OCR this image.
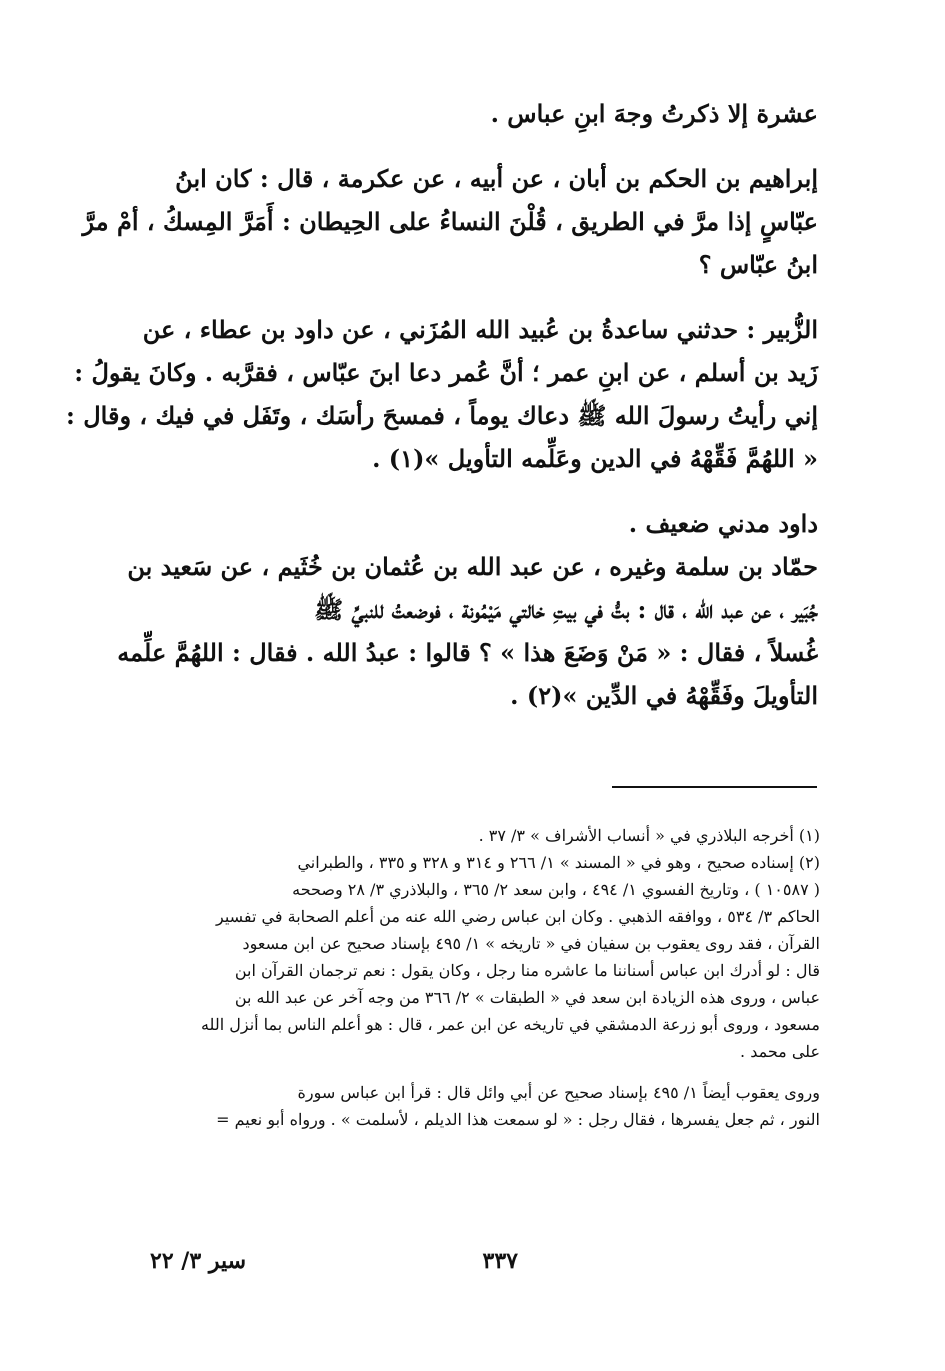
عشرة إلا ذكرتُ وجهَ ابنِ عباس .
إبراهيم بن الحكم بن أبان ، عن أبيه ، عن عكرمة ، قال : كان ابنُ
عبّاسٍ إذا مرَّ في الطريق ، قُلْنَ النساءُ على الحِيطان : أَمَرَّ المِسكُ ، أمْ مرَّ
ابنُ عبّاس ؟
الزُّبير : حدثني ساعدةُ بن عُبيد الله المُزَني ، عن داود بن عطاء ، عن
زَيد بن أسلم ، عن ابنِ عمر ؛ أنَّ عُمر دعا ابنَ عبّاس ، فقرَّبه . وكانَ يقولُ :
إني رأيتُ رسولَ الله ﷺ دعاك يوماً ، فمسحَ رأسَك ، وتَفَل في فيك ، وقال :
« اللهُمَّ فَقِّهْهُ في الدين وعَلِّمه التأويل »(١) .
داود مدني ضعيف .
حمّاد بن سلمة وغيره ، عن عبد الله بن عُثمان بن خُثَيم ، عن سَعيد بن
جُبَير ، عن عبد الله ، قال : بتُّ في بيتِ خالتي مَيْمُونة ، فوضعتُ للنبيِّ ﷺ
غُسلاً ، فقال : « مَنْ وَضَعَ هذا » ؟ قالوا : عبدُ الله . فقال : اللهُمَّ علِّمه
التأويلَ وفَقِّهْهُ في الدِّين »(٢) .
(١) أخرجه البلاذري في « أنساب الأشراف » ٣/ ٣٧ .
(٢) إسناده صحيح ، وهو في « المسند » ١/ ٢٦٦ و ٣١٤ و ٣٢٨ و ٣٣٥ ، والطبراني
( ١٠٥٨٧ ) ، وتاريخ الفسوي ١/ ٤٩٤ ، وابن سعد ٢/ ٣٦٥ ، والبلاذري ٣/ ٢٨ وصححه
الحاكم ٣/ ٥٣٤ ، ووافقه الذهبي . وكان ابن عباس رضي الله عنه من أعلم الصحابة في تفسير
القرآن ، فقد روى يعقوب بن سفيان في « تاريخه » ١/ ٤٩٥ بإسناد صحيح عن ابن مسعود
قال : لو أدرك ابن عباس أسناننا ما عاشره منا رجل ، وكان يقول : نعم ترجمان القرآن ابن
عباس ، وروى هذه الزيادة ابن سعد في « الطبقات » ٢/ ٣٦٦ من وجه آخر عن عبد الله بن
مسعود ، وروى أبو زرعة الدمشقي في تاريخه عن ابن عمر ، قال : هو أعلم الناس بما أنزل الله
على محمد .
وروى يعقوب أيضاً ١/ ٤٩٥ بإسناد صحيح عن أبي وائل قال : قرأ ابن عباس سورة
النور ، ثم جعل يفسرها ، فقال رجل : « لو سمعت هذا الديلم ، لأسلمت » . ورواه أبو نعيم =
٣٣٧
سير ٣/ ٢٢
